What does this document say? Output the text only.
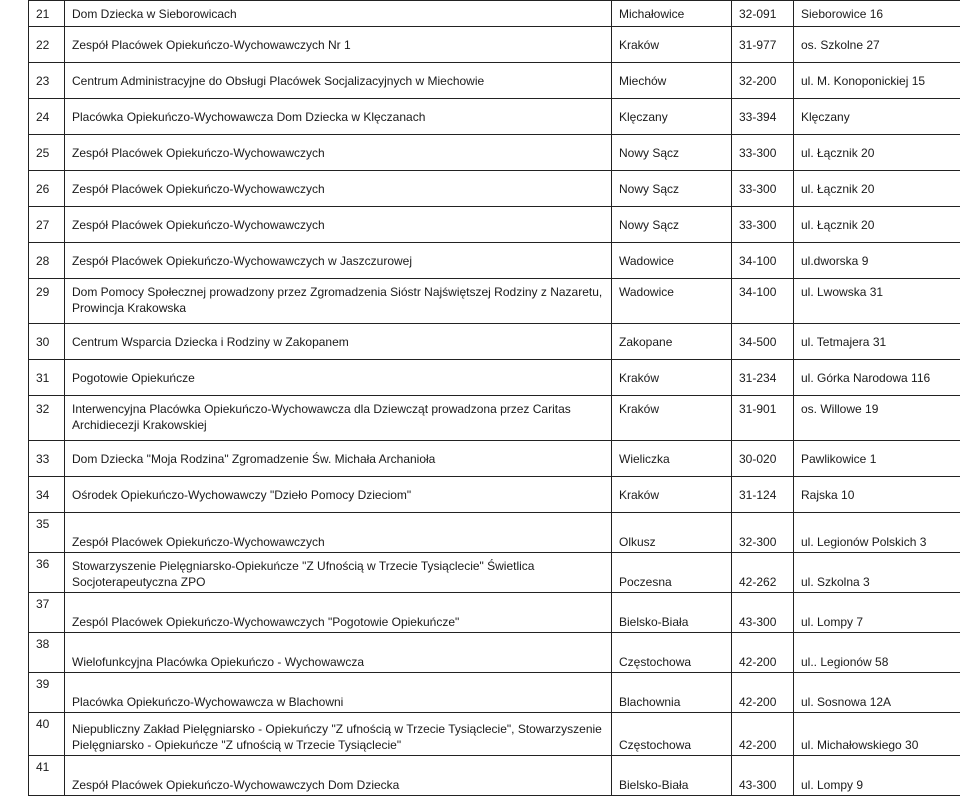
21	Dom Dziecka w Sieborowicach	Michałowice	32-091	Sieborowice 16
22	Zespół Placówek Opiekuńczo-Wychowawczych Nr 1	Kraków	31-977	os. Szkolne 27
23	Centrum Administracyjne do Obsługi Placówek Socjalizacyjnych w Miechowie	Miechów	32-200	ul. M. Konoponickiej 15
24	Placówka Opiekuńczo-Wychowawcza Dom Dziecka w Klęczanach	Klęczany	33-394	Klęczany
25	Zespół Placówek Opiekuńczo-Wychowawczych	Nowy Sącz	33-300	ul. Łącznik 20
26	Zespół Placówek Opiekuńczo-Wychowawczych	Nowy Sącz	33-300	ul. Łącznik 20
27	Zespół Placówek Opiekuńczo-Wychowawczych	Nowy Sącz	33-300	ul. Łącznik 20
28	Zespół Placówek Opiekuńczo-Wychowawczych w Jaszczurowej	Wadowice	34-100	ul.dworska 9
29	Dom Pomocy Społecznej prowadzony przez Zgromadzenia Sióstr Najświętszej Rodziny z Nazaretu, Prowincja Krakowska	Wadowice	34-100	ul. Lwowska 31
30	Centrum Wsparcia Dziecka i Rodziny w Zakopanem	Zakopane	34-500	ul. Tetmajera 31
31	Pogotowie Opiekuńcze	Kraków	31-234	ul. Górka Narodowa 116
32	Interwencyjna Placówka Opiekuńczo-Wychowawcza dla Dziewcząt prowadzona przez Caritas Archidiecezji Krakowskiej	Kraków	31-901	os. Willowe 19
33	Dom Dziecka "Moja Rodzina" Zgromadzenie Św. Michała Archanioła	Wieliczka	30-020	Pawlikowice 1
34	Ośrodek Opiekuńczo-Wychowawczy "Dzieło Pomocy Dzieciom"	Kraków	31-124	Rajska 10
35	Zespół Placówek Opiekuńczo-Wychowawczych	Olkusz	32-300	ul. Legionów Polskich 3
36	Stowarzyszenie Pielęgniarsko-Opiekuńcze "Z Ufnością w Trzecie Tysiąclecie" Świetlica Socjoterapeutyczna ZPO	Poczesna	42-262	ul. Szkolna 3
37	Zespól Placówek Opiekuńczo-Wychowawczych "Pogotowie Opiekuńcze"	Bielsko-Biała	43-300	ul. Lompy 7
38	Wielofunkcyjna Placówka Opiekuńczo - Wychowawcza	Częstochowa	42-200	ul.. Legionów 58
39	Placówka Opiekuńczo-Wychowawcza w Blachowni	Blachownia	42-200	ul. Sosnowa 12A
40	Niepubliczny Zakład Pielęgniarsko - Opiekuńczy "Z ufnością w Trzecie Tysiąclecie", Stowarzyszenie Pielęgniarsko - Opiekuńcze "Z ufnością w Trzecie Tysiąclecie"	Częstochowa	42-200	ul. Michałowskiego 30
41	Zespół Placówek Opiekuńczo-Wychowawczych Dom Dziecka	Bielsko-Biała	43-300	ul. Lompy 9
